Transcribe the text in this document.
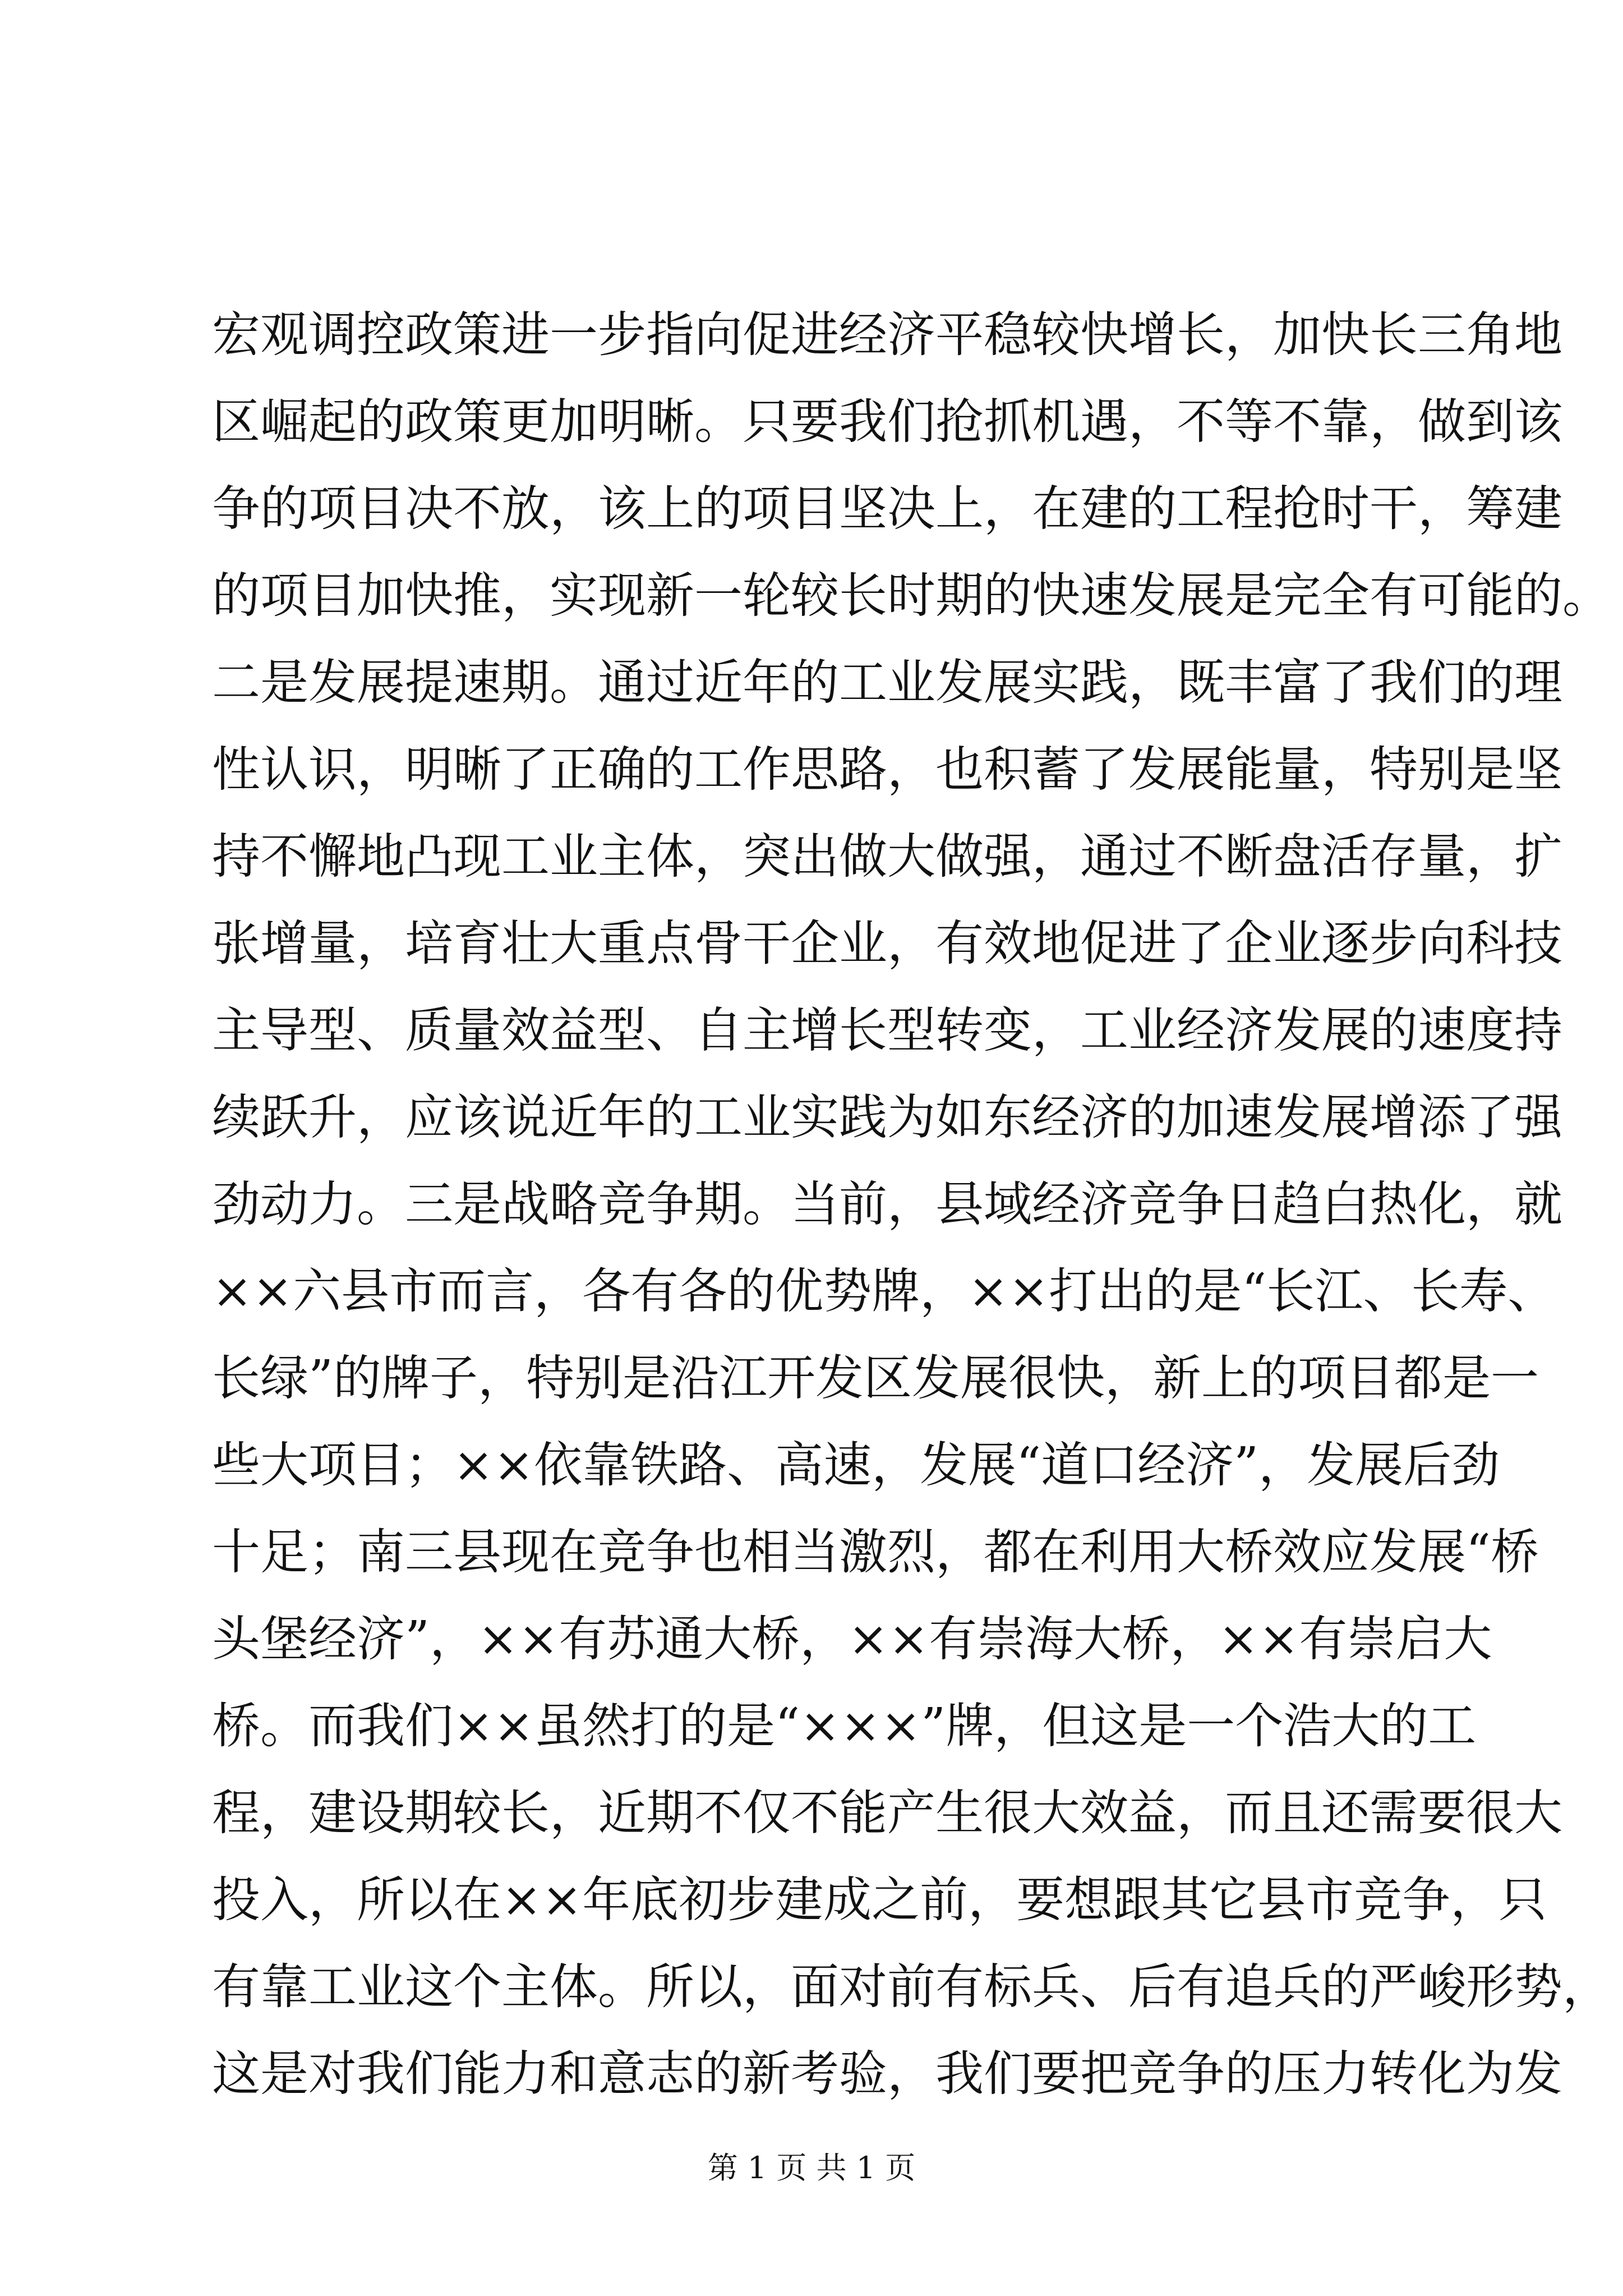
宏观调控政策进一步指向促进经济平稳较快增长，加快长三角地
区崛起的政策更加明晰。只要我们抢抓机遇，不等不靠，做到该
争的项目决不放，该上的项目坚决上，在建的工程抢时干，筹建
的项目加快推，实现新一轮较长时期的快速发展是完全有可能的。
二是发展提速期。通过近年的工业发展实践，既丰富了我们的理
性认识，明晰了正确的工作思路，也积蓄了发展能量，特别是坚
持不懈地凸现工业主体，突出做大做强，通过不断盘活存量，扩
张增量，培育壮大重点骨干企业，有效地促进了企业逐步向科技
主导型、质量效益型、自主增长型转变，工业经济发展的速度持
续跃升，应该说近年的工业实践为如东经济的加速发展增添了强
劲动力。三是战略竞争期。当前，县域经济竞争日趋白热化，就
××六县市而言，各有各的优势牌，××打出的是“长江、长寿、
长绿”的牌子，特别是沿江开发区发展很快，新上的项目都是一
些大项目；××依靠铁路、高速，发展“道口经济”，发展后劲
十足；南三县现在竞争也相当激烈，都在利用大桥效应发展“桥
头堡经济”，××有苏通大桥，××有崇海大桥，××有崇启大
桥。而我们××虽然打的是“×××”牌，但这是一个浩大的工
程，建设期较长，近期不仅不能产生很大效益，而且还需要很大
投入，所以在××年底初步建成之前，要想跟其它县市竞争，只
有靠工业这个主体。所以，面对前有标兵、后有追兵的严峻形势，
这是对我们能力和意志的新考验，我们要把竞争的压力转化为发
第 1 页 共 1 页
